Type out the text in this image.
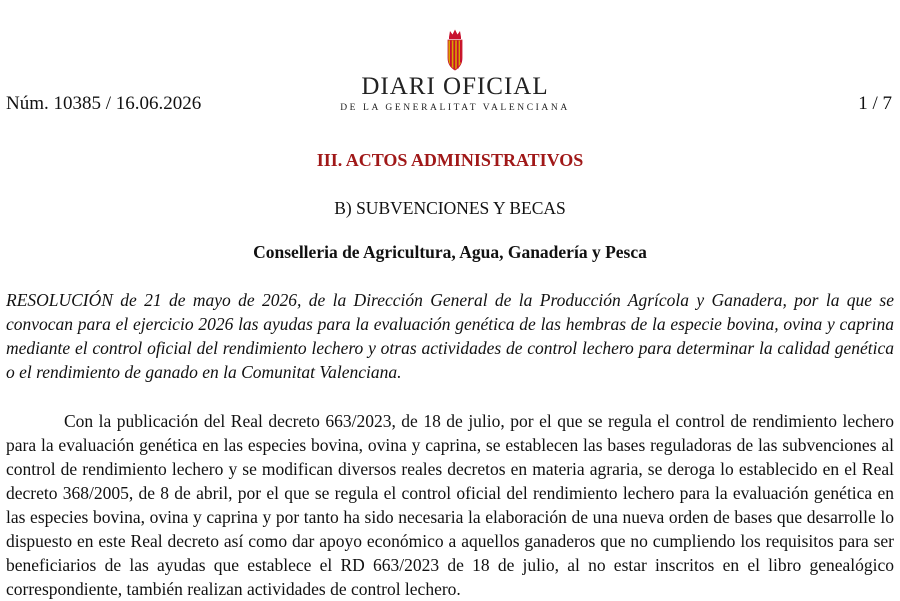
Núm. 10385 / 16.06.2026
DIARI OFICIAL
DE LA GENERALITAT VALENCIANA	1 / 7
III. ACTOS ADMINISTRATIVOS
B) SUBVENCIONES Y BECAS
Conselleria de Agricultura, Agua, Ganadería y Pesca
RESOLUCIÓN de 21 de mayo de 2026, de la Dirección General de la Producción Agrícola y Ganadera, por la que se convocan para el ejercicio 2026 las ayudas para la evaluación genética de las hembras de la especie bovina, ovina y caprina mediante el control oficial del rendimiento lechero y otras actividades de control lechero para determinar la calidad genética o el rendimiento de ganado en la Comunitat Valenciana.
Con la publicación del Real decreto 663/2023, de 18 de julio, por el que se regula el control de rendimiento lechero para la evaluación genética en las especies bovina, ovina y caprina, se establecen las bases reguladoras de las subvenciones al control de rendimiento lechero y se modifican diversos reales decretos en materia agraria, se deroga lo establecido en el Real decreto 368/2005, de 8 de abril, por el que se regula el control oficial del rendimiento lechero para la evaluación genética en las especies bovina, ovina y caprina y por tanto ha sido necesaria la elaboración de una nueva orden de bases que desarrolle lo dispuesto en este Real decreto así como dar apoyo económico a aquellos ganaderos que no cumpliendo los requisitos para ser beneficiarios de las ayudas que establece el RD 663/2023 de 18 de julio, al no estar inscritos en el libro genealógico correspondiente, también realizan actividades de control lechero.
